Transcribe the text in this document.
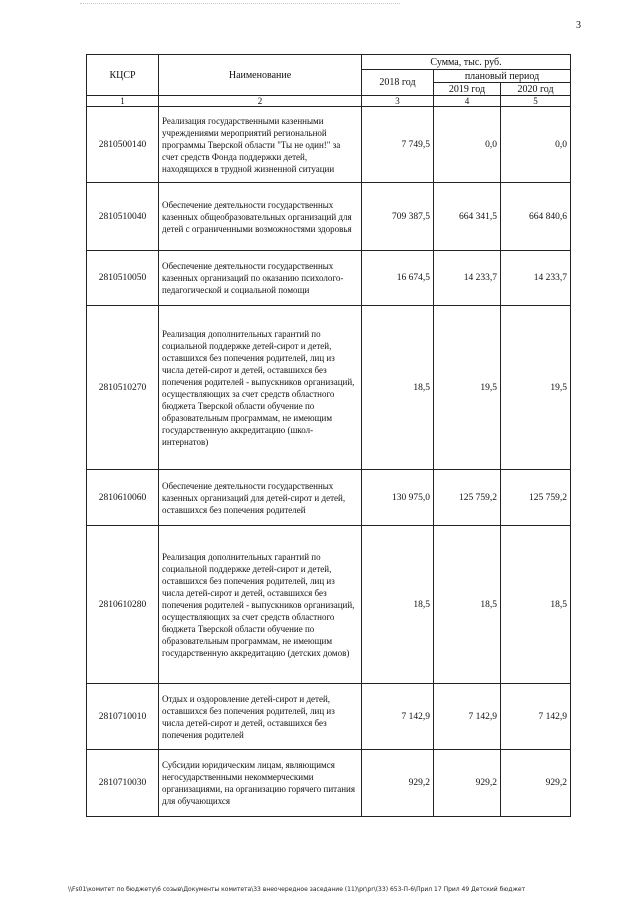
3
КЦСР	Наименование	Сумма, тыс. руб.		
		2018 год	плановый период	
			2019 год	2020 год
1	2	3	4	5
2810500140	Реализация государственными казенными учреждениями мероприятий региональной программы Тверской области "Ты не один!" за счет средств Фонда поддержки детей, находящихся в трудной жизненной ситуации	7 749,5	0,0	0,0
2810510040	Обеспечение деятельности государственных казенных общеобразовательных организаций для детей с ограниченными возможностями здоровья	709 387,5	664 341,5	664 840,6
2810510050	Обеспечение деятельности государственных казенных организаций по оказанию психолого-педагогической и социальной помощи	16 674,5	14 233,7	14 233,7
2810510270	Реализация дополнительных гарантий по социальной поддержке детей-сирот и детей, оставшихся без попечения родителей, лиц из числа детей-сирот и детей, оставшихся без попечения родителей - выпускников организаций, осуществляющих за счет средств областного бюджета Тверской области обучение по образовательным программам, не имеющим государственную аккредитацию (школ-интернатов)	18,5	19,5	19,5
2810610060	Обеспечение деятельности государственных казенных организаций для детей-сирот и детей, оставшихся без попечения родителей	130 975,0	125 759,2	125 759,2
2810610280	Реализация дополнительных гарантий по социальной поддержке детей-сирот и детей, оставшихся без попечения родителей, лиц из числа детей-сирот и детей, оставшихся без попечения родителей - выпускников организаций, осуществляющих за счет средств областного бюджета Тверской области обучение по образовательным программам, не имеющим государственную аккредитацию (детских домов)	18,5	18,5	18,5
2810710010	Отдых и оздоровление детей-сирот и детей, оставшихся без попечения родителей, лиц из числа детей-сирот и детей, оставшихся без попечения родителей	7 142,9	7 142,9	7 142,9
2810710030	Субсидии юридическим лицам, являющимся негосударственными некоммерческими организациями, на организацию горячего питания для обучающихся	929,2	929,2	929,2
\\Fs01\комитет по бюджету\6 созыв\Документы комитета\33 внеочередное заседание (11)\pr\pr\(33) 653-П-6\Прил 17 Прил 49 Детский бюджет
